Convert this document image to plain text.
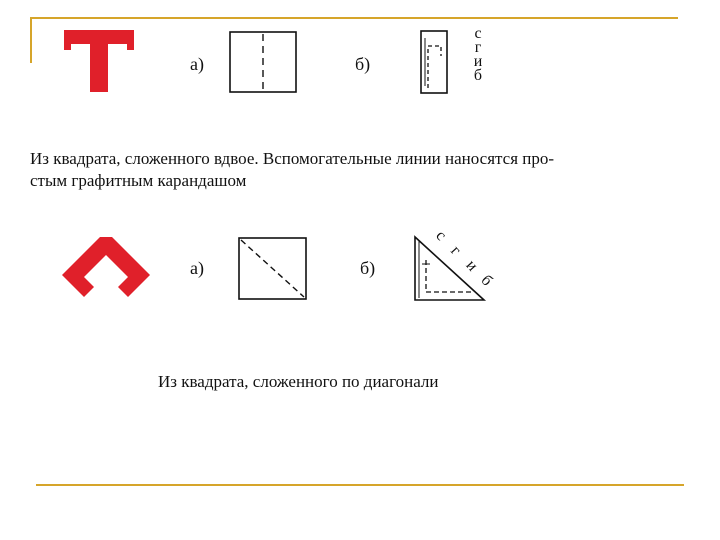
а)	б)
с
г
и
б
Из квадрата, сложенного вдвое. Вспомогательные линии наносятся про-
стым графитным карандашом
а)	б)
с
г
и
б
Из квадрата, сложенного по диагонали
